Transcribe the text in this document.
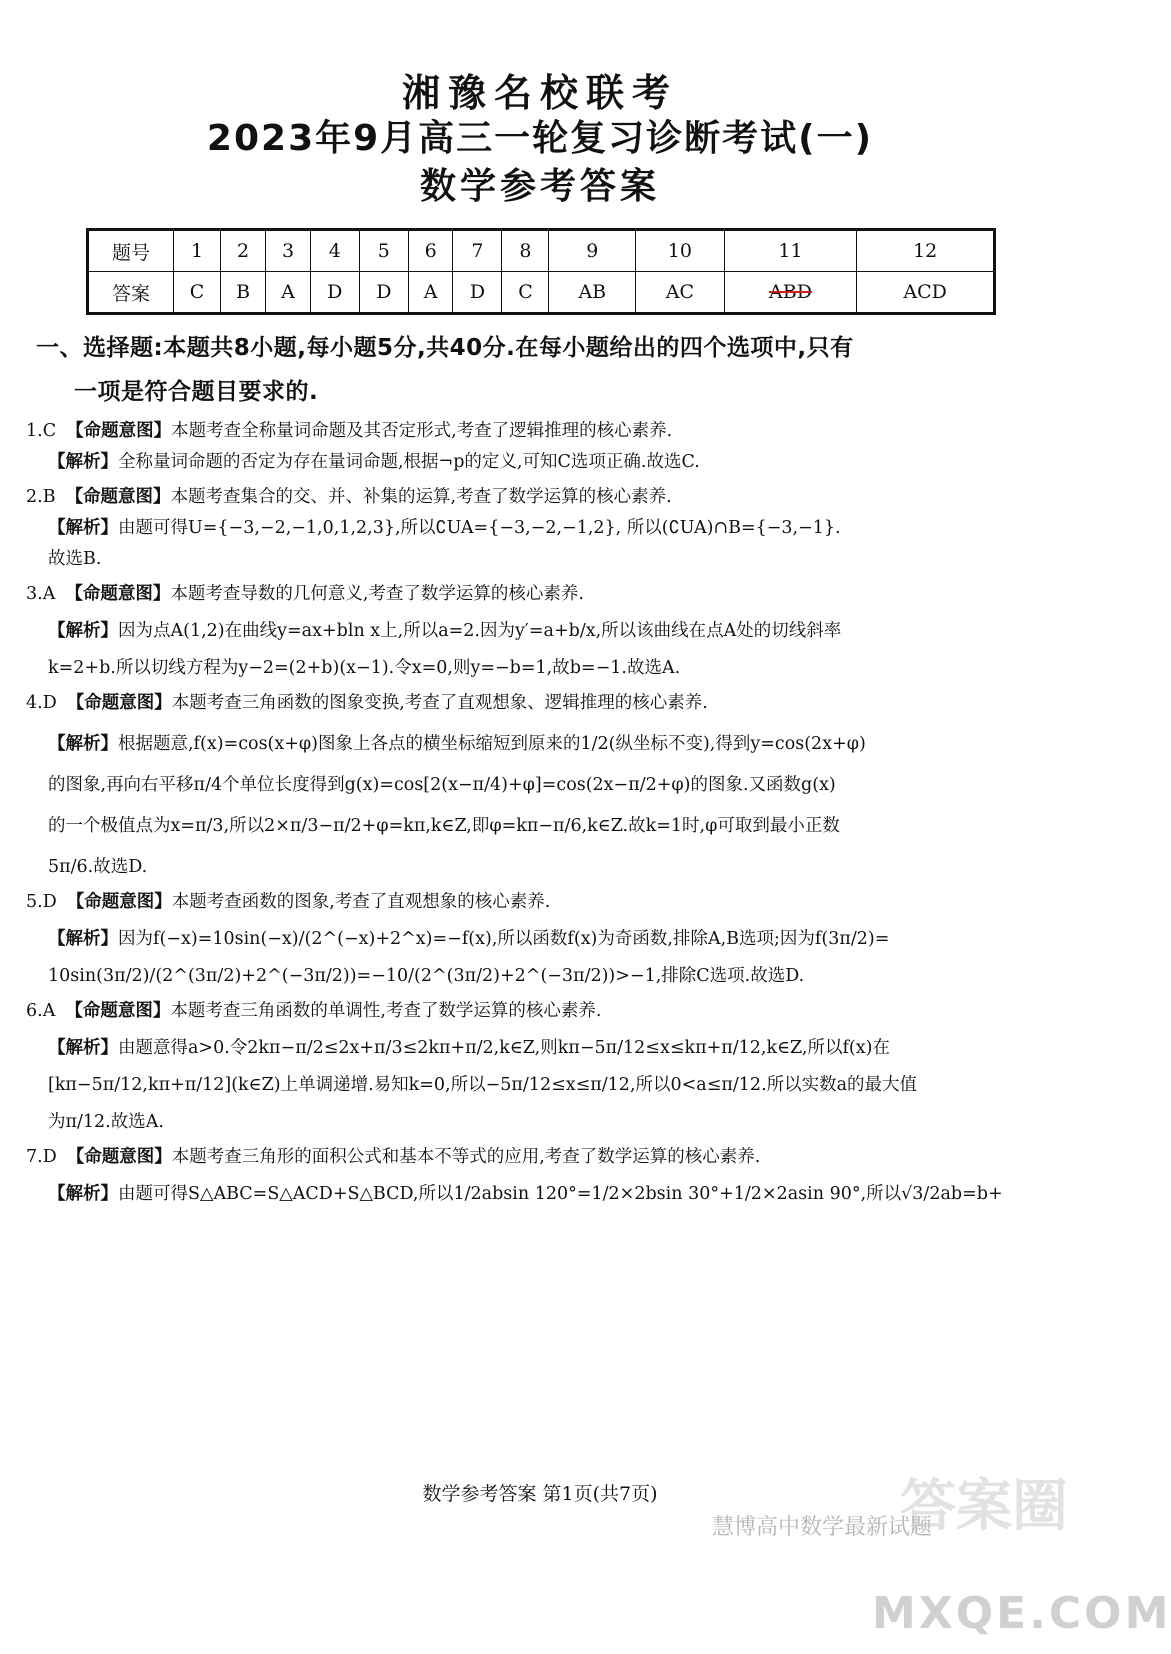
湘豫名校联考
2023年9月高三一轮复习诊断考试(一)
数学参考答案
题号	1	2	3	4	5	6	7	8	9	10	11	12
答案	C	B	A	D	D	A	D	C	AB	AC	ABD	ACD
一、选择题:本题共8小题,每小题5分,共40分.在每小题给出的四个选项中,只有
一项是符合题目要求的.
1.C 【命题意图】本题考查全称量词命题及其否定形式,考查了逻辑推理的核心素养.
【解析】全称量词命题的否定为存在量词命题,根据¬p的定义,可知C选项正确.故选C.
2.B 【命题意图】本题考查集合的交、并、补集的运算,考查了数学运算的核心素养.
【解析】由题可得U={−3,−2,−1,0,1,2,3},所以∁UA={−3,−2,−1,2}, 所以(∁UA)∩B={−3,−1}.
故选B.
3.A 【命题意图】本题考查导数的几何意义,考查了数学运算的核心素养.
【解析】因为点A(1,2)在曲线y=ax+bln x上,所以a=2.因为y′=a+b/x,所以该曲线在点A处的切线斜率
k=2+b.所以切线方程为y−2=(2+b)(x−1).令x=0,则y=−b=1,故b=−1.故选A.
4.D 【命题意图】本题考查三角函数的图象变换,考查了直观想象、逻辑推理的核心素养.
【解析】根据题意,f(x)=cos(x+φ)图象上各点的横坐标缩短到原来的1/2(纵坐标不变),得到y=cos(2x+φ)
的图象,再向右平移π/4个单位长度得到g(x)=cos[2(x−π/4)+φ]=cos(2x−π/2+φ)的图象.又函数g(x)
的一个极值点为x=π/3,所以2×π/3−π/2+φ=kπ,k∈Z,即φ=kπ−π/6,k∈Z.故k=1时,φ可取到最小正数
5π/6.故选D.
5.D 【命题意图】本题考查函数的图象,考查了直观想象的核心素养.
【解析】因为f(−x)=10sin(−x)/(2^(−x)+2^x)=−f(x),所以函数f(x)为奇函数,排除A,B选项;因为f(3π/2)=
10sin(3π/2)/(2^(3π/2)+2^(−3π/2))=−10/(2^(3π/2)+2^(−3π/2))>−1,排除C选项.故选D.
6.A 【命题意图】本题考查三角函数的单调性,考查了数学运算的核心素养.
【解析】由题意得a>0.令2kπ−π/2≤2x+π/3≤2kπ+π/2,k∈Z,则kπ−5π/12≤x≤kπ+π/12,k∈Z,所以f(x)在
[kπ−5π/12,kπ+π/12](k∈Z)上单调递增.易知k=0,所以−5π/12≤x≤π/12,所以0<a≤π/12.所以实数a的最大值
为π/12.故选A.
7.D 【命题意图】本题考查三角形的面积公式和基本不等式的应用,考查了数学运算的核心素养.
【解析】由题可得S△ABC=S△ACD+S△BCD,所以1/2absin 120°=1/2×2bsin 30°+1/2×2asin 90°,所以√3/2ab=b+
数学参考答案 第1页(共7页)	答案圈
慧博高中数学最新试题
MXQE.COM
